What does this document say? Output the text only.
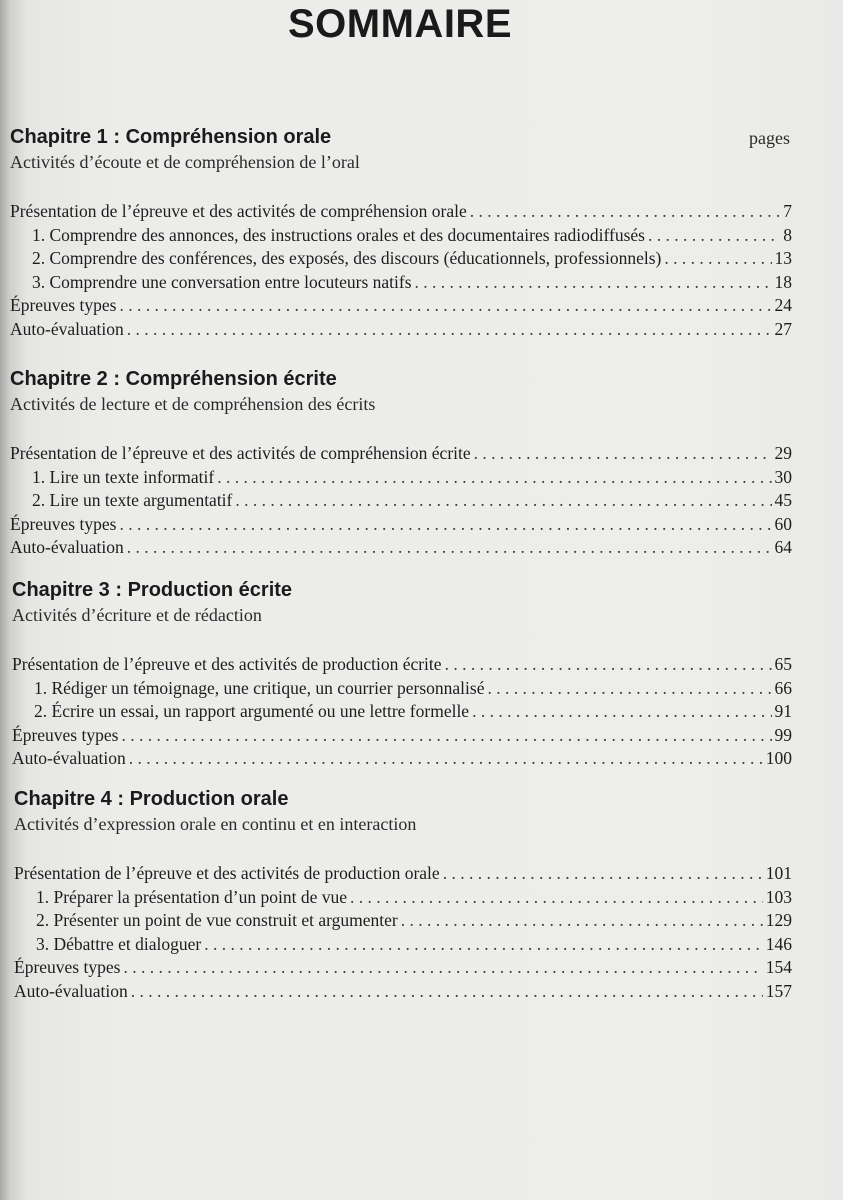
SOMMAIRE
pages
Chapitre 1 : Compréhension orale

Activités d’écoute et de compréhension de l’oral

Présentation de l’épreuve et des activités de compréhension orale . . .	7
1. Comprendre des annonces, des instructions orales et des documentaires radiodiffusés . . .	8
2. Comprendre des conférences, des exposés, des discours (éducationnels, professionnels) . . .	13
3. Comprendre une conversation entre locuteurs natifs . . .	18
Épreuves types . . .	24
Auto-évaluation . . .	27
Chapitre 2 : Compréhension écrite

Activités de lecture et de compréhension des écrits

Présentation de l’épreuve et des activités de compréhension écrite . . .	29
1. Lire un texte informatif . . .	30
2. Lire un texte argumentatif . . .	45
Épreuves types . . .	60
Auto-évaluation . . .	64
Chapitre 3 : Production écrite

Activités d’écriture et de rédaction

Présentation de l’épreuve et des activités de production écrite . . .	65
1. Rédiger un témoignage, une critique, un courrier personnalisé . . .	66
2. Écrire un essai, un rapport argumenté ou une lettre formelle . . .	91
Épreuves types . . .	99
Auto-évaluation . . .	100
Chapitre 4 : Production orale

Activités d’expression orale en continu et en interaction

Présentation de l’épreuve et des activités de production orale . . .	101
1. Préparer la présentation d’un point de vue . . .	103
2. Présenter un point de vue construit et argumenter . . .	129
3. Débattre et dialoguer . . .	146
Épreuves types . . .	154
Auto-évaluation . . .	157
